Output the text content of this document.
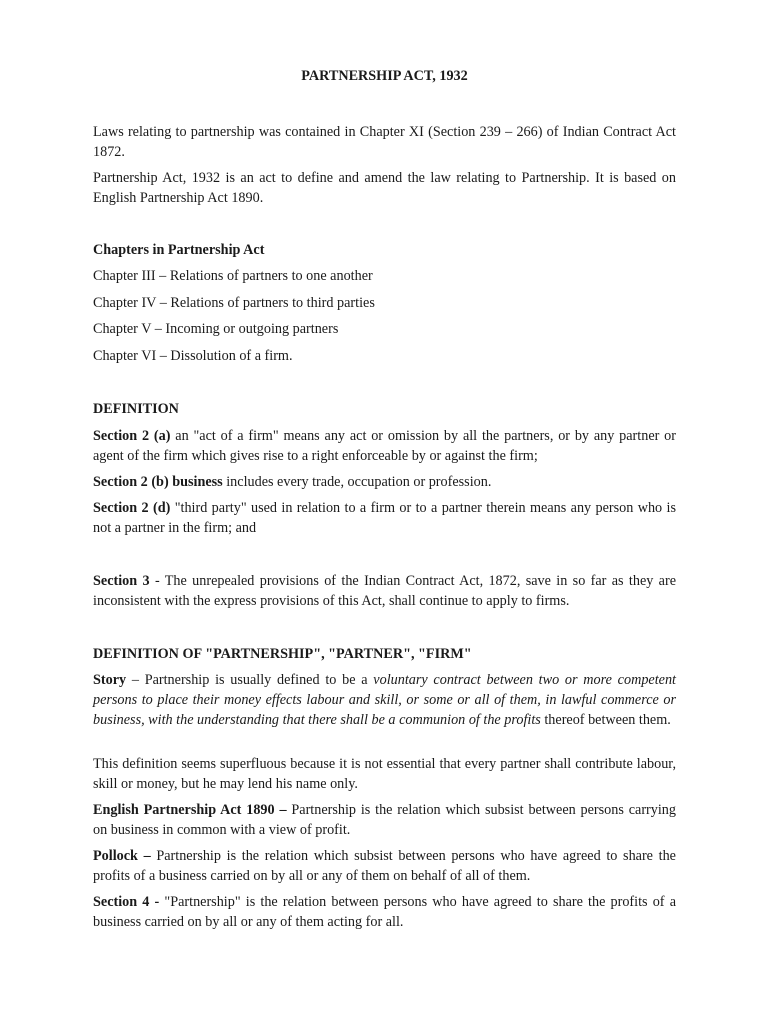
PARTNERSHIP ACT, 1932

Laws relating to partnership was contained in Chapter XI (Section 239 – 266) of Indian Contract Act 1872.

Partnership Act, 1932 is an act to define and amend the law relating to Partnership. It is based on English Partnership Act 1890.

Chapters in Partnership Act

Chapter III – Relations of partners to one another

Chapter IV – Relations of partners to third parties

Chapter V – Incoming or outgoing partners

Chapter VI – Dissolution of a firm.

DEFINITION

Section 2 (a) an "act of a firm" means any act or omission by all the partners, or by any partner or agent of the firm which gives rise to a right enforceable by or against the firm;

Section 2 (b) business includes every trade, occupation or profession.

Section 2 (d) "third party" used in relation to a firm or to a partner therein means any person who is not a partner in the firm; and

Section 3 - The unrepealed provisions of the Indian Contract Act, 1872, save in so far as they are inconsistent with the express provisions of this Act, shall continue to apply to firms.

DEFINITION OF "PARTNERSHIP", "PARTNER", "FIRM"

Story – Partnership is usually defined to be a voluntary contract between two or more competent persons to place their money effects labour and skill, or some or all of them, in lawful commerce or business, with the understanding that there shall be a communion of the profits thereof between them.

This definition seems superfluous because it is not essential that every partner shall contribute labour, skill or money, but he may lend his name only.

English Partnership Act 1890 – Partnership is the relation which subsist between persons carrying on business in common with a view of profit.

Pollock – Partnership is the relation which subsist between persons who have agreed to share the profits of a business carried on by all or any of them on behalf of all of them.

Section 4 - "Partnership" is the relation between persons who have agreed to share the profits of a business carried on by all or any of them acting for all.
